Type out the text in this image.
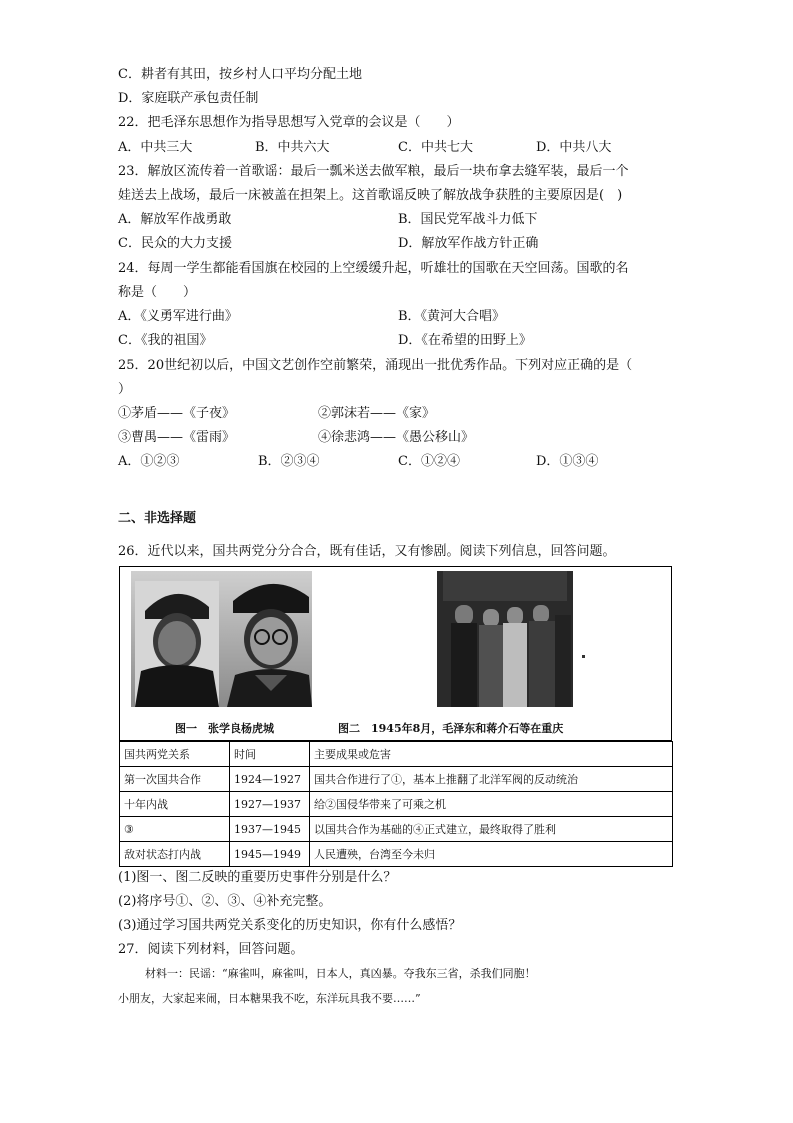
C．耕者有其田，按乡村人口平均分配土地
D．家庭联产承包责任制
22．把毛泽东思想作为指导思想写入党章的会议是（　　）
A．中共三大	B．中共六大	C．中共七大	D．中共八大
23．解放区流传着一首歌谣：最后一瓢米送去做军粮，最后一块布拿去缝军装，最后一个
娃送去上战场，最后一床被盖在担架上。这首歌谣反映了解放战争获胜的主要原因是(　)
A．解放军作战勇敢	B．国民党军战斗力低下
C．民众的大力支援	D．解放军作战方针正确
24．每周一学生都能看国旗在校园的上空缓缓升起，听雄壮的国歌在天空回荡。国歌的名
称是（　　）
A．《义勇军进行曲》	B．《黄河大合唱》
C．《我的祖国》	D．《在希望的田野上》
25．20世纪初以后，中国文艺创作空前繁荣，涌现出一批优秀作品。下列对应正确的是（
）
①茅盾——《子夜》	②郭沫若——《家》
③曹禺——《雷雨》	④徐悲鸿——《愚公移山》
A．①②③	B．②③④	C．①②④	D．①③④
二、非选择题
26．近代以来，国共两党分分合合，既有佳话，又有惨剧。阅读下列信息，回答问题。
图一　张学良杨虎城	图二　1945年8月，毛泽东和蒋介石等在重庆
国共两党关系	时间	主要成果或危害
第一次国共合作	1924—1927	国共合作进行了①，基本上推翻了北洋军阀的反动统治
十年内战	1927—1937	给②国侵华带来了可乘之机
③	1937—1945	以国共合作为基础的④正式建立，最终取得了胜利
敌对状态打内战	1945—1949	人民遭殃，台湾至今未归
(1)图一、图二反映的重要历史事件分别是什么？
(2)将序号①、②、③、④补充完整。
(3)通过学习国共两党关系变化的历史知识，你有什么感悟？
27．阅读下列材料，回答问题。
材料一：民谣：“麻雀叫，麻雀叫，日本人，真凶暴。夺我东三省，杀我们同胞！
小朋友，大家起来闹，日本糖果我不吃，东洋玩具我不要……”
